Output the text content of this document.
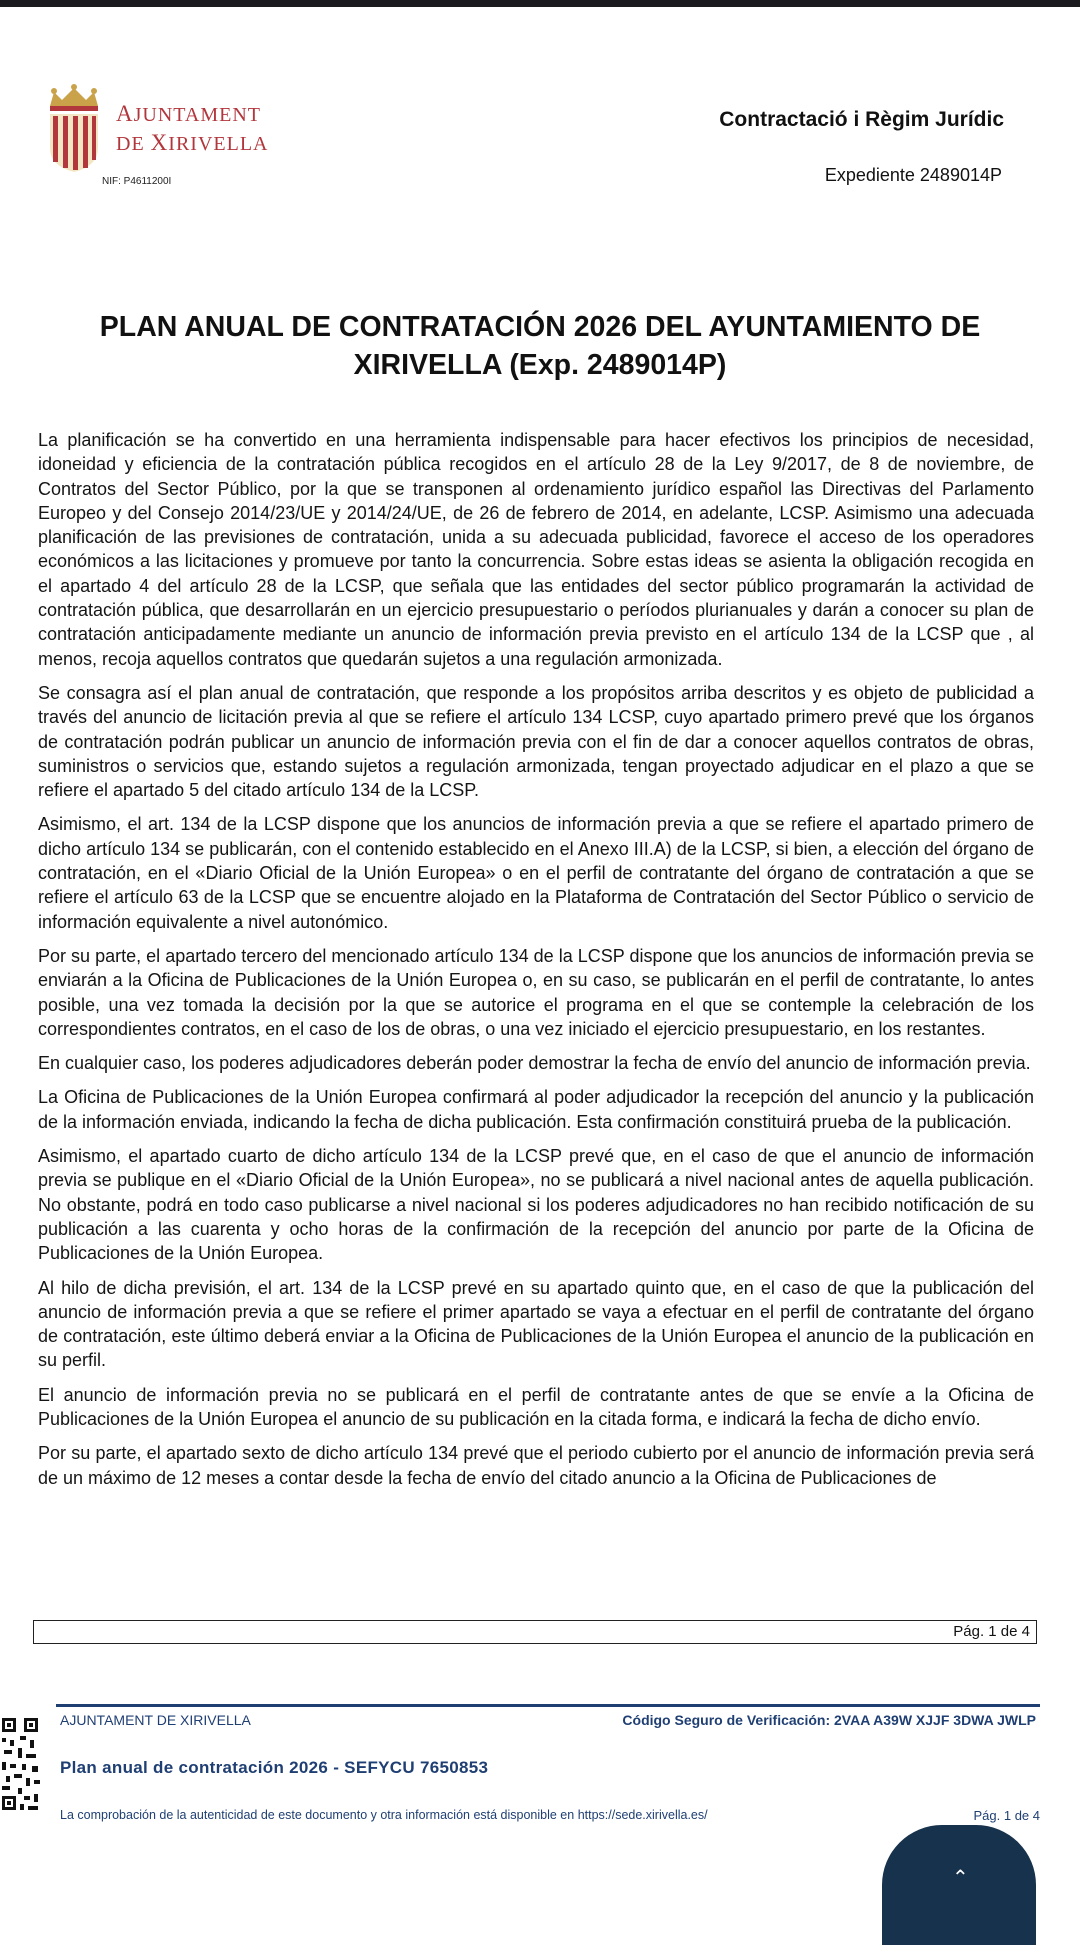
AJUNTAMENT
DE XIRIVELLA
NIF: P4611200I
Contractació i Règim Jurídic
Expediente 2489014P
PLAN ANUAL DE CONTRATACIÓN 2026 DEL AYUNTAMIENTO DE
XIRIVELLA (Exp. 2489014P)

La planificación se ha convertido en una herramienta indispensable para hacer efectivos los principios de necesidad, idoneidad y eficiencia de la contratación pública recogidos en el artículo 28 de la Ley 9/2017, de 8 de noviembre, de Contratos del Sector Público, por la que se transponen al ordenamiento jurídico español las Directivas del Parlamento Europeo y del Consejo 2014/23/UE y 2014/24/UE, de 26 de febrero de 2014, en adelante, LCSP. Asimismo una adecuada planificación de las previsiones de contratación, unida a su adecuada publicidad, favorece el acceso de los operadores económicos a las licitaciones y promueve por tanto la concurrencia. Sobre estas ideas se asienta la obligación recogida en el apartado 4 del artículo 28 de la LCSP, que señala que las entidades del sector público programarán la actividad de contratación pública, que desarrollarán en un ejercicio presupuestario o períodos plurianuales y darán a conocer su plan de contratación anticipadamente mediante un anuncio de información previa previsto en el artículo 134 de la LCSP que , al menos, recoja aquellos contratos que quedarán sujetos a una regulación armonizada.

Se consagra así el plan anual de contratación, que responde a los propósitos arriba descritos y es objeto de publicidad a través del anuncio de licitación previa al que se refiere el artículo 134 LCSP, cuyo apartado primero prevé que los órganos de contratación podrán publicar un anuncio de información previa con el fin de dar a conocer aquellos contratos de obras, suministros o servicios que, estando sujetos a regulación armonizada, tengan proyectado adjudicar en el plazo a que se refiere el apartado 5 del citado artículo 134 de la LCSP.

Asimismo, el art. 134 de la LCSP dispone que los anuncios de información previa a que se refiere el apartado primero de dicho artículo 134 se publicarán, con el contenido establecido en el Anexo III.A) de la LCSP, si bien, a elección del órgano de contratación, en el «Diario Oficial de la Unión Europea» o en el perfil de contratante del órgano de contratación a que se refiere el artículo 63 de la LCSP que se encuentre alojado en la Plataforma de Contratación del Sector Público o servicio de información equivalente a nivel autonómico.

Por su parte, el apartado tercero del mencionado artículo 134 de la LCSP dispone que los anuncios de información previa se enviarán a la Oficina de Publicaciones de la Unión Europea o, en su caso, se publicarán en el perfil de contratante, lo antes posible, una vez tomada la decisión por la que se autorice el programa en el que se contemple la celebración de los correspondientes contratos, en el caso de los de obras, o una vez iniciado el ejercicio presupuestario, en los restantes.

En cualquier caso, los poderes adjudicadores deberán poder demostrar la fecha de envío del anuncio de información previa.

La Oficina de Publicaciones de la Unión Europea confirmará al poder adjudicador la recepción del anuncio y la publicación de la información enviada, indicando la fecha de dicha publicación. Esta confirmación constituirá prueba de la publicación.

Asimismo, el apartado cuarto de dicho artículo 134 de la LCSP prevé que, en el caso de que el anuncio de información previa se publique en el «Diario Oficial de la Unión Europea», no se publicará a nivel nacional antes de aquella publicación. No obstante, podrá en todo caso publicarse a nivel nacional si los poderes adjudicadores no han recibido notificación de su publicación a las cuarenta y ocho horas de la confirmación de la recepción del anuncio por parte de la Oficina de Publicaciones de la Unión Europea.

Al hilo de dicha previsión, el art. 134 de la LCSP prevé en su apartado quinto que, en el caso de que la publicación del anuncio de información previa a que se refiere el primer apartado se vaya a efectuar en el perfil de contratante del órgano de contratación, este último deberá enviar a la Oficina de Publicaciones de la Unión Europea el anuncio de la publicación en su perfil.

El anuncio de información previa no se publicará en el perfil de contratante antes de que se envíe a la Oficina de Publicaciones de la Unión Europea el anuncio de su publicación en la citada forma, e indicará la fecha de dicho envío.

Por su parte, el apartado sexto de dicho artículo 134 prevé que el periodo cubierto por el anuncio de información previa será de un máximo de 12 meses a contar desde la fecha de envío del citado anuncio a la Oficina de Publicaciones de

Pág. 1 de 4
AJUNTAMENT DE XIRIVELLA	Código Seguro de Verificación: 2VAA A39W XJJF 3DWA JWLP
Plan anual de contratación 2026 - SEFYCU 7650853
La comprobación de la autenticidad de este documento y otra información está disponible en https://sede.xirivella.es/	Pág. 1 de 4
⌃
